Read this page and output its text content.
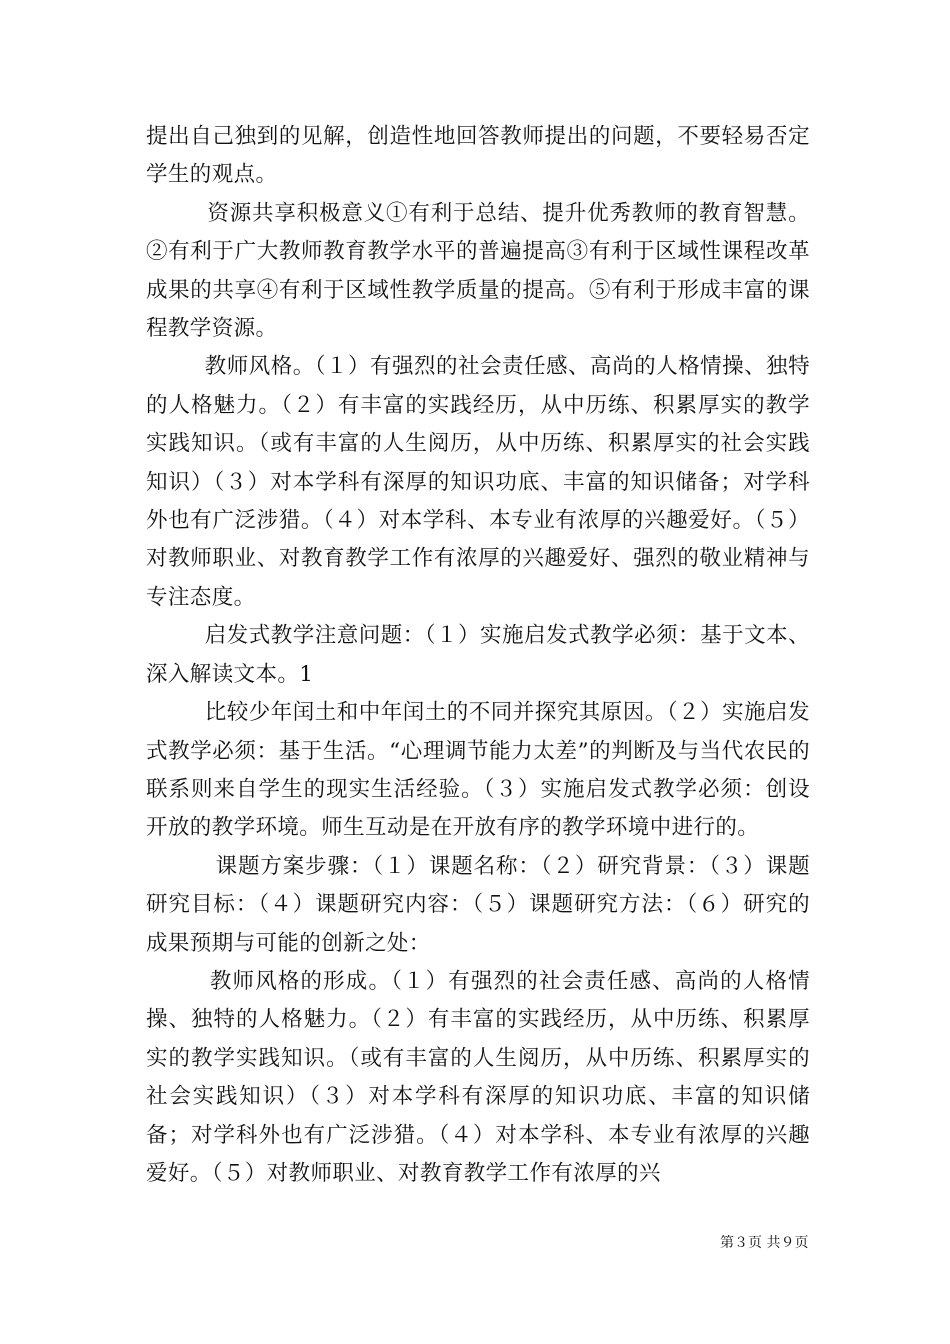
提出自己独到的见解，创造性地回答教师提出的问题，不要轻易否定学生的观点。

资源共享积极意义①有利于总结、提升优秀教师的教育智慧。②有利于广大教师教育教学水平的普遍提高③有利于区域性课程改革成果的共享④有利于区域性教学质量的提高。⑤有利于形成丰富的课程教学资源。

教师风格。（１）有强烈的社会责任感、高尚的人格情操、独特的人格魅力。（２）有丰富的实践经历，从中历练、积累厚实的教学实践知识。（或有丰富的人生阅历，从中历练、积累厚实的社会实践知识）（３）对本学科有深厚的知识功底、丰富的知识储备；对学科外也有广泛涉猎。（４）对本学科、本专业有浓厚的兴趣爱好。（５）对教师职业、对教育教学工作有浓厚的兴趣爱好、强烈的敬业精神与专注态度。

启发式教学注意问题：（１）实施启发式教学必须：基于文本、深入解读文本。1

比较少年闰土和中年闰土的不同并探究其原因。（２）实施启发式教学必须：基于生活。“心理调节能力太差”的判断及与当代农民的联系则来自学生的现实生活经验。（３）实施启发式教学必须：创设开放的教学环境。师生互动是在开放有序的教学环境中进行的。

课题方案步骤：（１）课题名称：（２）研究背景：（３）课题研究目标：（４）课题研究内容：（５）课题研究方法：（６）研究的成果预期与可能的创新之处：

教师风格的形成。（１）有强烈的社会责任感、高尚的人格情操、独特的人格魅力。（２）有丰富的实践经历，从中历练、积累厚实的教学实践知识。（或有丰富的人生阅历，从中历练、积累厚实的社会实践知识）（３）对本学科有深厚的知识功底、丰富的知识储备；对学科外也有广泛涉猎。（４）对本学科、本专业有浓厚的兴趣爱好。（５）对教师职业、对教育教学工作有浓厚的兴

第３页 共９页
